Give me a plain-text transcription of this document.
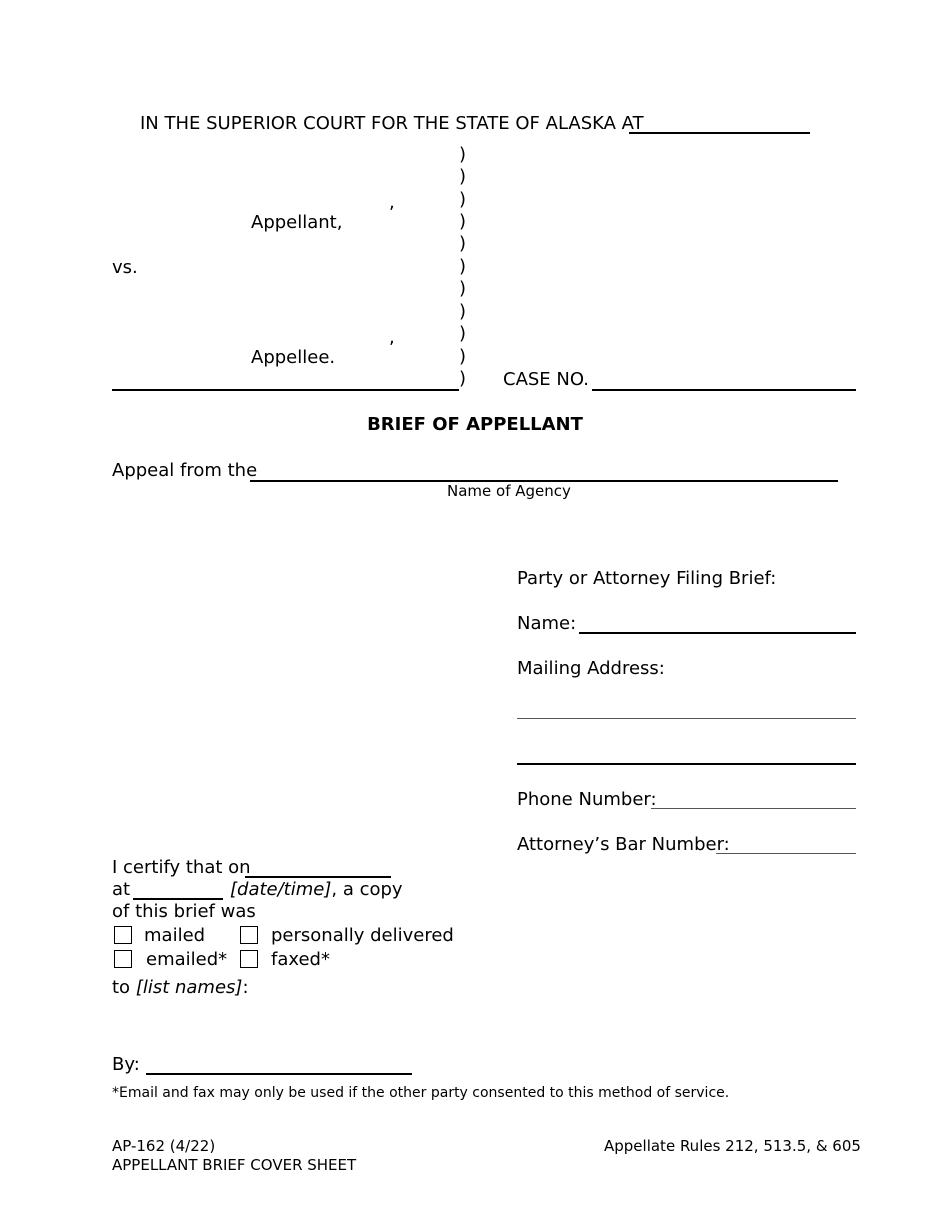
IN THE SUPERIOR COURT FOR THE STATE OF ALASKA AT
,
Appellant,
vs.
,
Appellee.
)
)
)
)
)
)
)
)
)
)
) CASE NO.
BRIEF OF APPELLANT
Appeal from the
Name of Agency
Party or Attorney Filing Brief:
Name:
Mailing Address:
Phone Number:
Attorney’s Bar Number:
I certify that on
at	[date/time], a copy
of this brief was
mailed	personally delivered
emailed* faxed*
to [list names]:
By:
*Email and fax may only be used if the other party consented to this method of service.
AP-162 (4/22)
APPELLANT BRIEF COVER SHEET
Appellate Rules 212, 513.5, & 605
